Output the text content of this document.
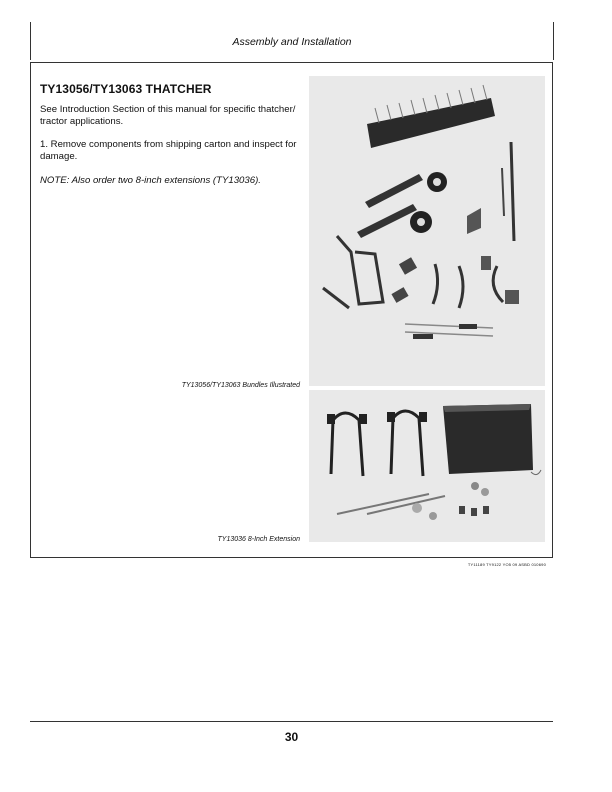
Assembly and Installation
TY13056/TY13063 THATCHER
See Introduction Section of this manual for specific thatcher/ tractor applications.
1. Remove components from shipping carton and inspect for damage.
NOTE: Also order two 8-inch extensions (TY13036).
TY13056/TY13063 Bundles Illustrated
TY13036 8-Inch Extension
TY11189 TY9122 YO5 09 ASBD 010690
30
